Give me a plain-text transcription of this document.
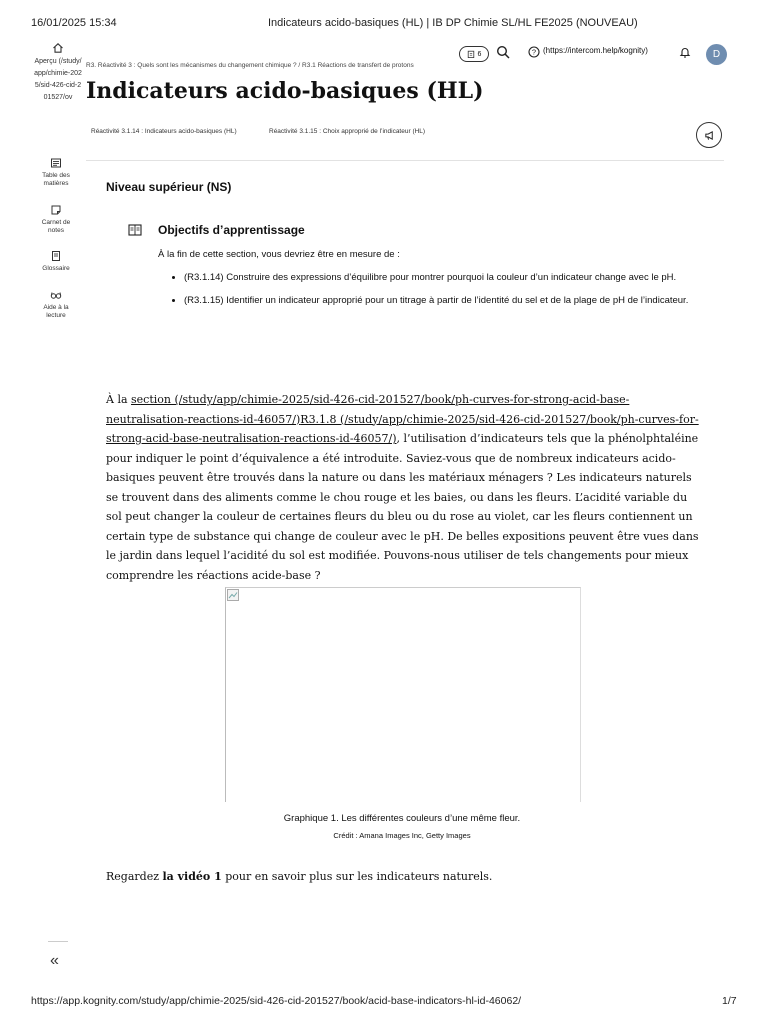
16/01/2025 15:34	Indicateurs acido-basiques (HL) | IB DP Chimie SL/HL FE2025 (NOUVEAU)
https://app.kognity.com/study/app/chimie-2025/sid-426-cid-201527/book/acid-base-indicators-hl-id-46062/	1/7
Aperçu (/study/app/chimie-2025/sid-426-cid-201527/ov
Table des matières
Carnet de notes
Glossaire
Aide à la lecture
«
6	? (https://intercom.help/kognity)	D
R3. Réactivité 3 : Quels sont les mécanismes du changement chimique ? / R3.1 Réactions de transfert de protons
Indicateurs acido-basiques (HL)
Réactivité 3.1.14 : Indicateurs acido-basiques (HL)	Réactivité 3.1.15 : Choix approprié de l’indicateur (HL)
Niveau supérieur (NS)
Objectifs d’apprentissage
À la fin de cette section, vous devriez être en mesure de :
• (R3.1.14) Construire des expressions d’équilibre pour montrer pourquoi la couleur d’un indicateur change avec le pH.
• (R3.1.15) Identifier un indicateur approprié pour un titrage à partir de l’identité du sel et de la plage de pH de l’indicateur.

À la section (/study/app/chimie-2025/sid-426-cid-201527/book/ph-curves-for-strong-acid-base-neutralisation-reactions-id-46057/)R3.1.8 (/study/app/chimie-2025/sid-426-cid-201527/book/ph-curves-for-strong-acid-base-neutralisation-reactions-id-46057/), l’utilisation d’indicateurs tels que la phénolphtaléine pour indiquer le point d’équivalence a été introduite. Saviez-vous que de nombreux indicateurs acido-basiques peuvent être trouvés dans la nature ou dans les matériaux ménagers ? Les indicateurs naturels se trouvent dans des aliments comme le chou rouge et les baies, ou dans les fleurs. L’acidité variable du sol peut changer la couleur de certaines fleurs du bleu ou du rose au violet, car les fleurs contiennent un certain type de substance qui change de couleur avec le pH. De belles expositions peuvent être vues dans le jardin dans lequel l’acidité du sol est modifiée. Pouvons-nous utiliser de tels changements pour mieux comprendre les réactions acide-base ?

Graphique 1. Les différentes couleurs d’une même fleur.
Crédit : Amana Images Inc, Getty Images

Regardez la vidéo 1 pour en savoir plus sur les indicateurs naturels.
